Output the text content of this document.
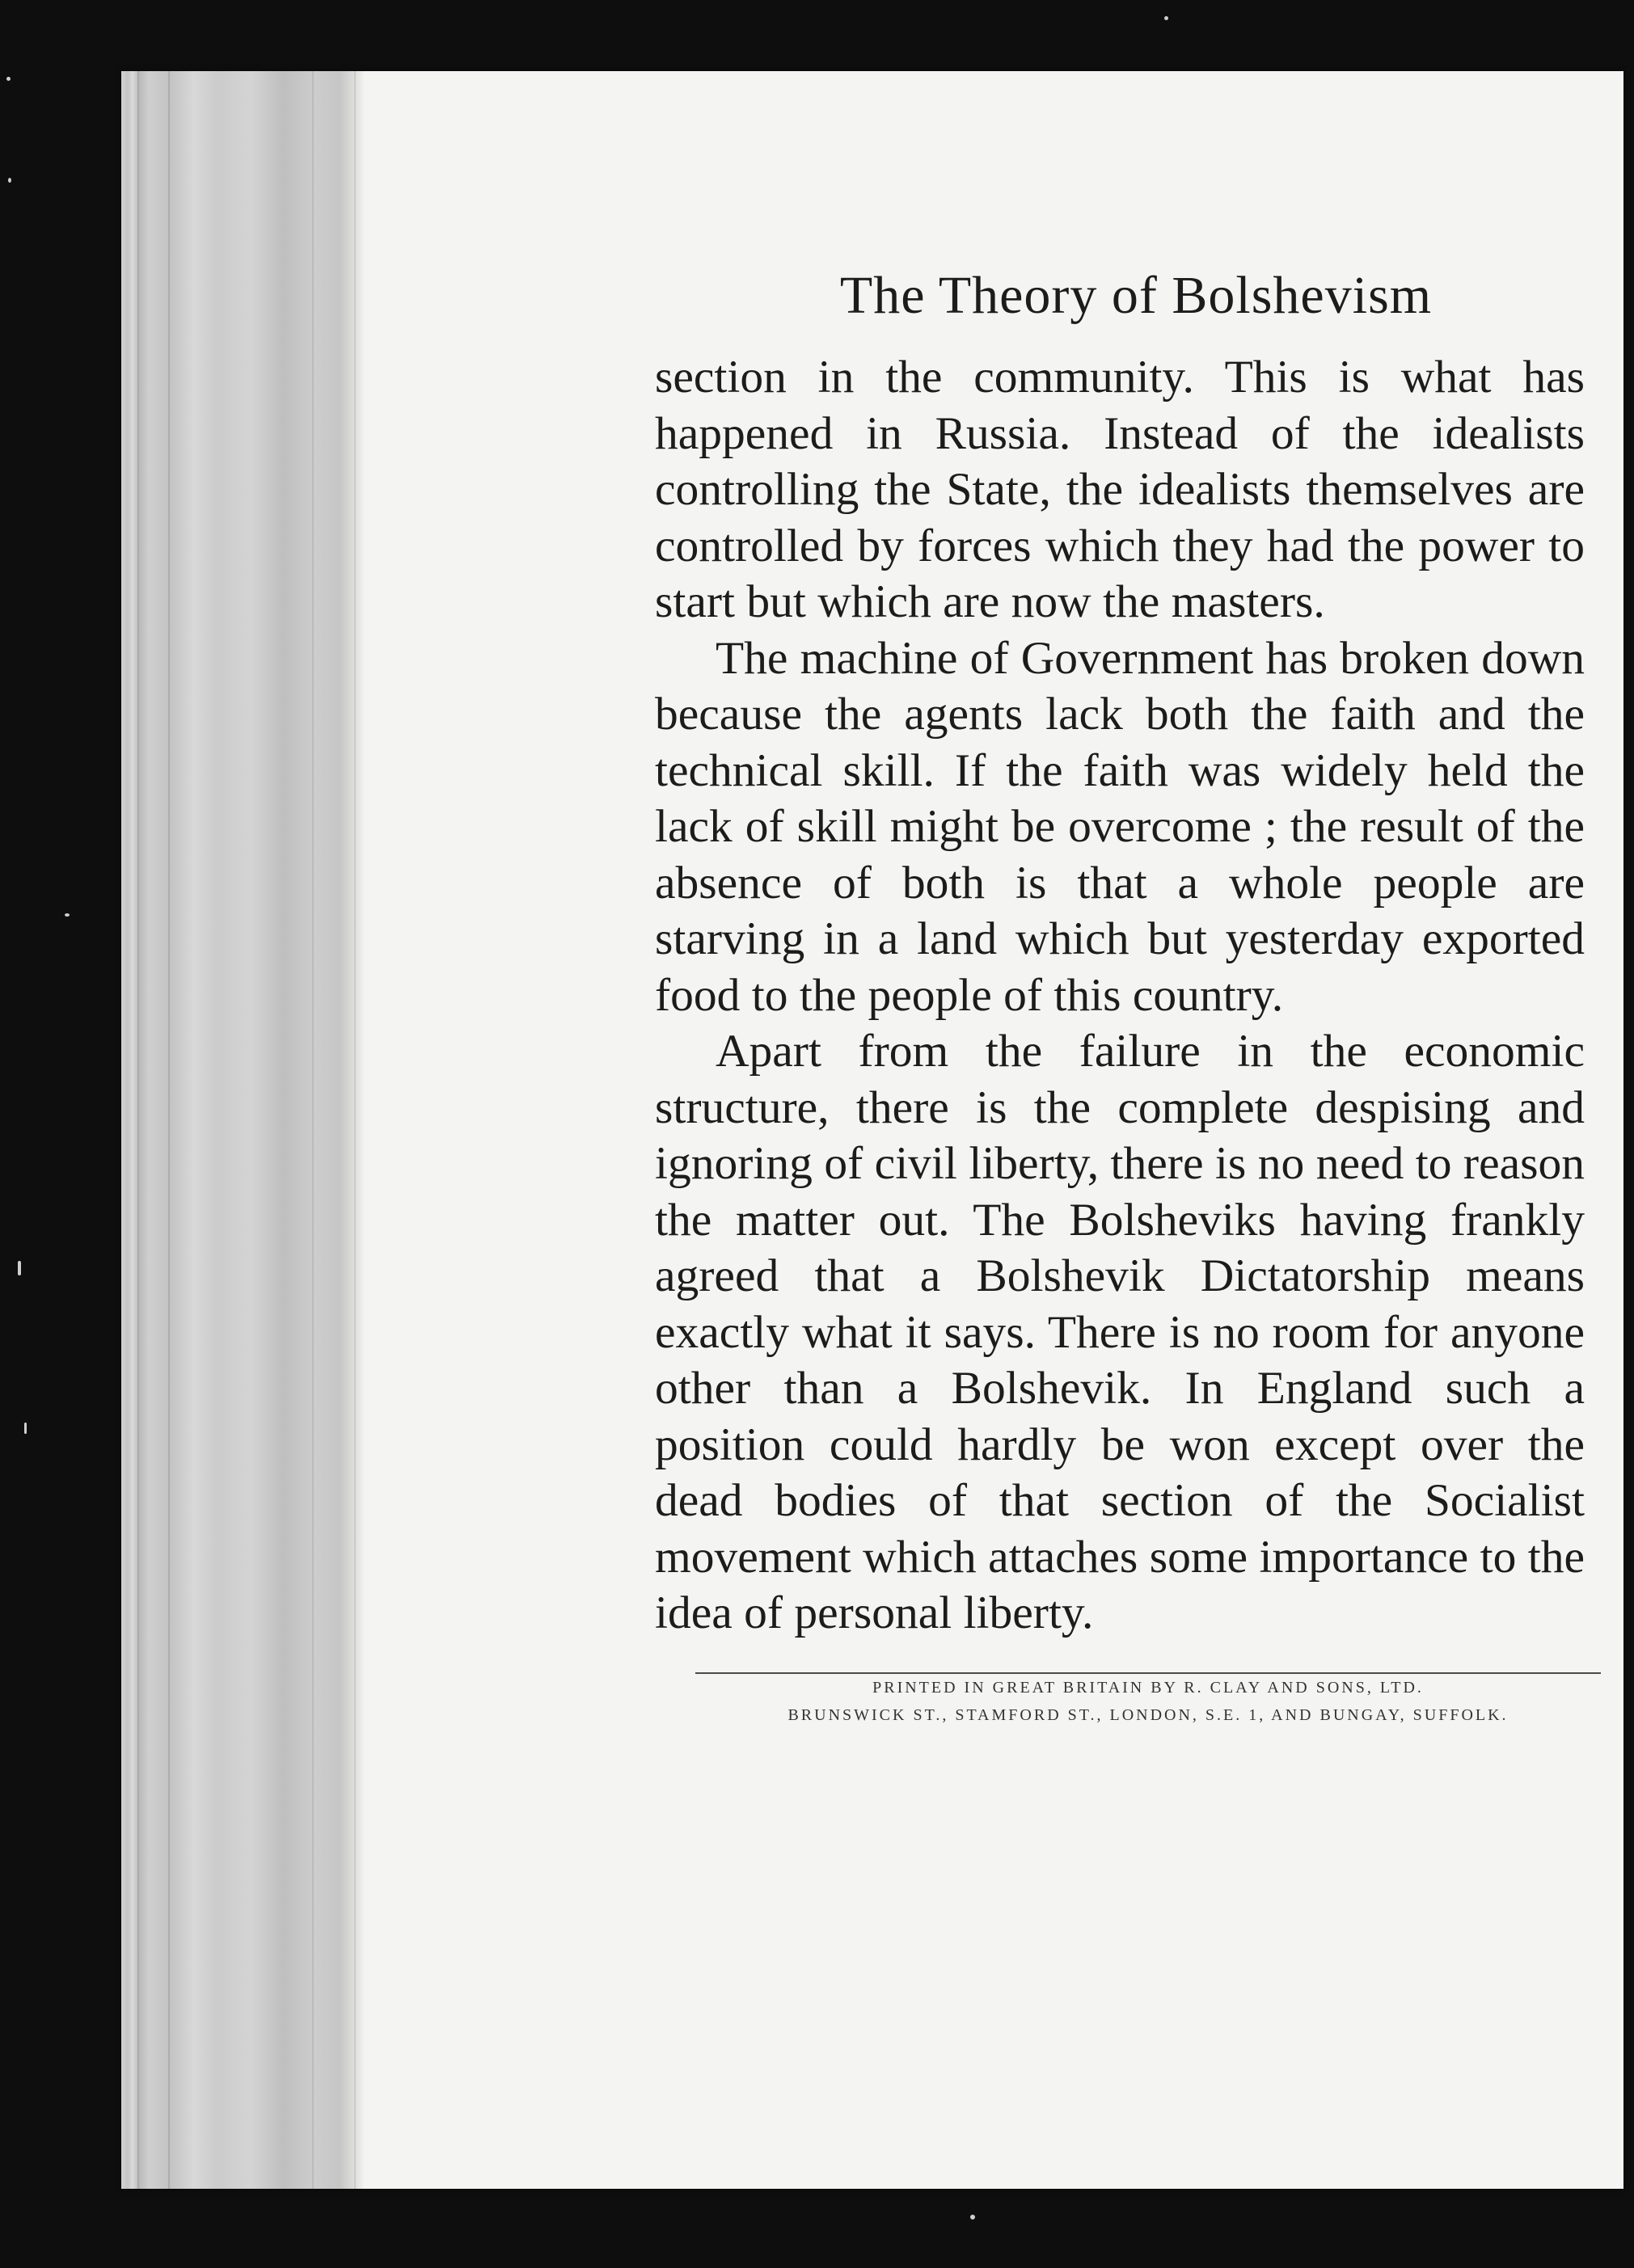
The Theory of Bolshevism

section in the community. This is what has happened in Russia. Instead of the idealists controlling the State, the idealists themselves are controlled by forces which they had the power to start but which are now the masters.

The machine of Government has broken down because the agents lack both the faith and the technical skill. If the faith was widely held the lack of skill might be overcome ; the result of the absence of both is that a whole people are starving in a land which but yesterday exported food to the people of this country.

Apart from the failure in the economic structure, there is the complete despising and ignoring of civil liberty, there is no need to reason the matter out. The Bolsheviks having frankly agreed that a Bolshevik Dictatorship means exactly what it says. There is no room for anyone other than a Bolshevik. In England such a position could hardly be won except over the dead bodies of that section of the Socialist movement which attaches some importance to the idea of personal liberty.

PRINTED IN GREAT BRITAIN BY R. CLAY AND SONS, LTD.
BRUNSWICK ST., STAMFORD ST., LONDON, S.E. 1, AND BUNGAY, SUFFOLK.
